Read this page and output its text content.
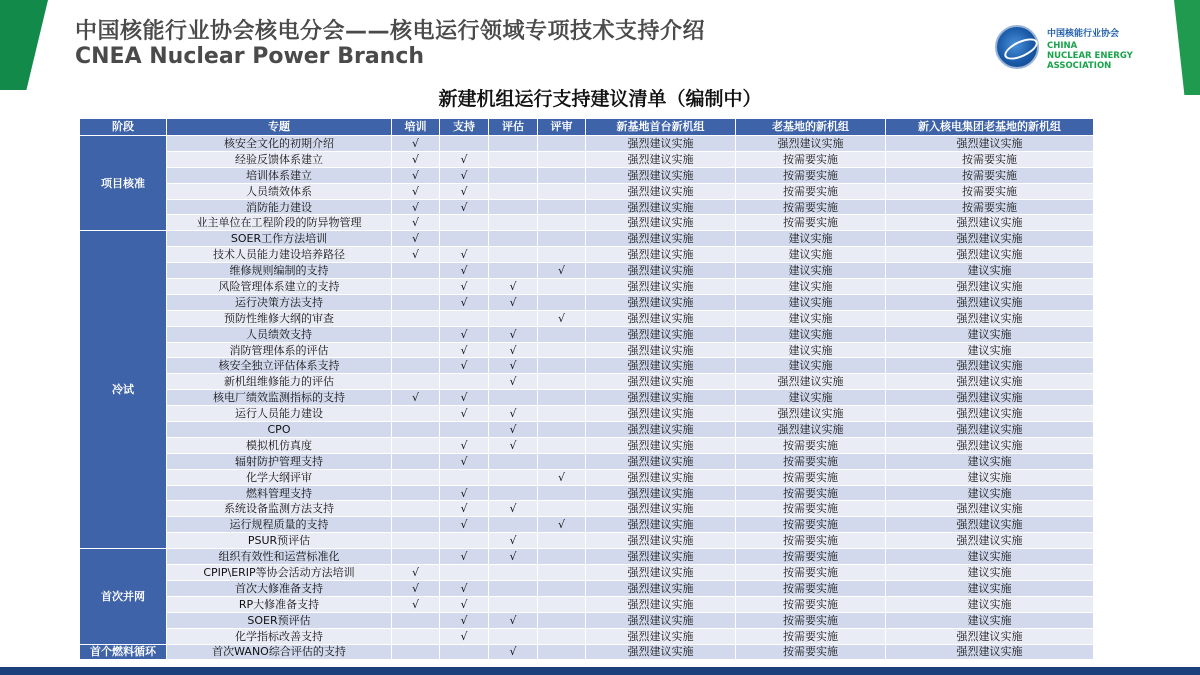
中国核能行业协会核电分会——核电运行领域专项技术支持介绍
CNEA Nuclear Power Branch
中国核能行业协会
CHINA
NUCLEAR ENERGY
ASSOCIATION
新建机组运行支持建议清单（编制中）
阶段	专题	培训	支持	评估	评审	新基地首台新机组	老基地的新机组	新入核电集团老基地的新机组
项目核准	核安全文化的初期介绍	√				强烈建议实施	强烈建议实施	强烈建议实施
	经验反馈体系建立	√	√			强烈建议实施	按需要实施	按需要实施
	培训体系建立	√	√			强烈建议实施	按需要实施	按需要实施
	人员绩效体系	√	√			强烈建议实施	按需要实施	按需要实施
	消防能力建设	√	√			强烈建议实施	按需要实施	按需要实施
	业主单位在工程阶段的防异物管理	√				强烈建议实施	按需要实施	强烈建议实施
冷试	SOER工作方法培训	√				强烈建议实施	建议实施	强烈建议实施
	技术人员能力建设培养路径	√	√			强烈建议实施	建议实施	强烈建议实施
	维修规则编制的支持		√		√	强烈建议实施	建议实施	建议实施
	风险管理体系建立的支持		√	√		强烈建议实施	建议实施	强烈建议实施
	运行决策方法支持		√	√		强烈建议实施	建议实施	强烈建议实施
	预防性维修大纲的审查				√	强烈建议实施	建议实施	强烈建议实施
	人员绩效支持		√	√		强烈建议实施	建议实施	建议实施
	消防管理体系的评估		√	√		强烈建议实施	建议实施	建议实施
	核安全独立评估体系支持		√	√		强烈建议实施	建议实施	强烈建议实施
	新机组维修能力的评估			√		强烈建议实施	强烈建议实施	强烈建议实施
	核电厂绩效监测指标的支持	√	√			强烈建议实施	建议实施	强烈建议实施
	运行人员能力建设		√	√		强烈建议实施	强烈建议实施	强烈建议实施
	CPO			√		强烈建议实施	强烈建议实施	强烈建议实施
	模拟机仿真度		√	√		强烈建议实施	按需要实施	强烈建议实施
	辐射防护管理支持		√			强烈建议实施	按需要实施	建议实施
	化学大纲评审				√	强烈建议实施	按需要实施	建议实施
	燃料管理支持		√			强烈建议实施	按需要实施	建议实施
	系统设备监测方法支持		√	√		强烈建议实施	按需要实施	强烈建议实施
	运行规程质量的支持		√		√	强烈建议实施	按需要实施	强烈建议实施
	PSUR预评估			√		强烈建议实施	按需要实施	强烈建议实施
首次并网	组织有效性和运营标准化		√	√		强烈建议实施	按需要实施	建议实施
	CPIP\ERIP等协会活动方法培训	√				强烈建议实施	按需要实施	建议实施
	首次大修准备支持	√	√			强烈建议实施	按需要实施	建议实施
	RP大修准备支持	√	√			强烈建议实施	按需要实施	建议实施
	SOER预评估		√	√		强烈建议实施	按需要实施	建议实施
	化学指标改善支持		√			强烈建议实施	按需要实施	强烈建议实施
首个燃料循环	首次WANO综合评估的支持			√		强烈建议实施	按需要实施	强烈建议实施
